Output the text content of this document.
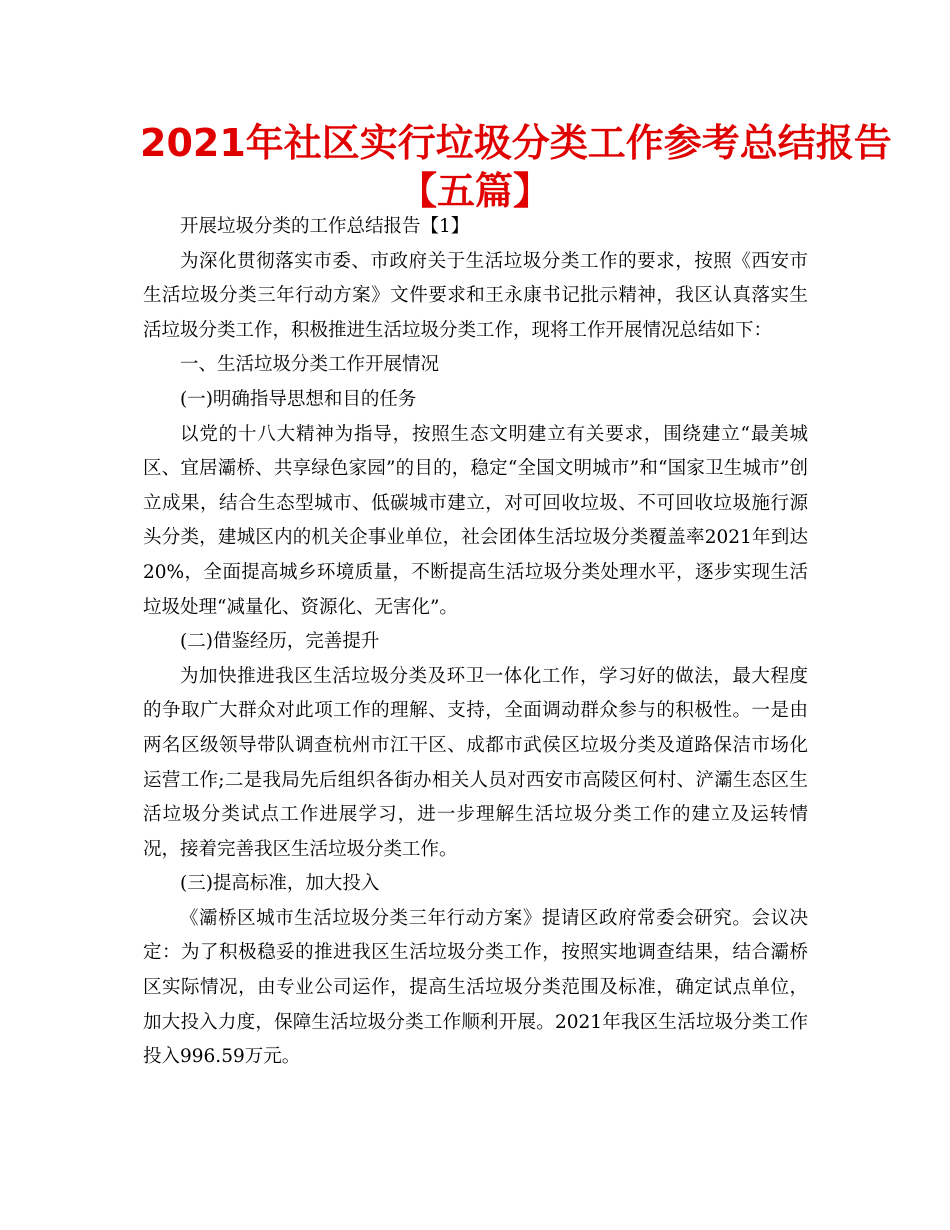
2021年社区实行垃圾分类工作参考总结报告
【五篇】

开展垃圾分类的工作总结报告【1】

为深化贯彻落实市委、市政府关于生活垃圾分类工作的要求，按照《西安市生活垃圾分类三年行动方案》文件要求和王永康书记批示精神，我区认真落实生活垃圾分类工作，积极推进生活垃圾分类工作，现将工作开展情况总结如下：

一、生活垃圾分类工作开展情况

(一)明确指导思想和目的任务

以党的十八大精神为指导，按照生态文明建立有关要求，围绕建立“最美城区、宜居灞桥、共享绿色家园”的目的，稳定“全国文明城市”和“国家卫生城市”创立成果，结合生态型城市、低碳城市建立，对可回收垃圾、不可回收垃圾施行源头分类，建城区内的机关企事业单位，社会团体生活垃圾分类覆盖率2021年到达20%，全面提高城乡环境质量，不断提高生活垃圾分类处理水平，逐步实现生活垃圾处理“减量化、资源化、无害化”。

(二)借鉴经历，完善提升

为加快推进我区生活垃圾分类及环卫一体化工作，学习好的做法，最大程度的争取广大群众对此项工作的理解、支持，全面调动群众参与的积极性。一是由两名区级领导带队调查杭州市江干区、成都市武侯区垃圾分类及道路保洁市场化运营工作;二是我局先后组织各街办相关人员对西安市高陵区何村、浐灞生态区生活垃圾分类试点工作进展学习，进一步理解生活垃圾分类工作的建立及运转情况，接着完善我区生活垃圾分类工作。

(三)提高标准，加大投入

《灞桥区城市生活垃圾分类三年行动方案》提请区政府常委会研究。会议决定：为了积极稳妥的推进我区生活垃圾分类工作，按照实地调查结果，结合灞桥区实际情况，由专业公司运作，提高生活垃圾分类范围及标准，确定试点单位，加大投入力度，保障生活垃圾分类工作顺利开展。2021年我区生活垃圾分类工作投入996.59万元。
